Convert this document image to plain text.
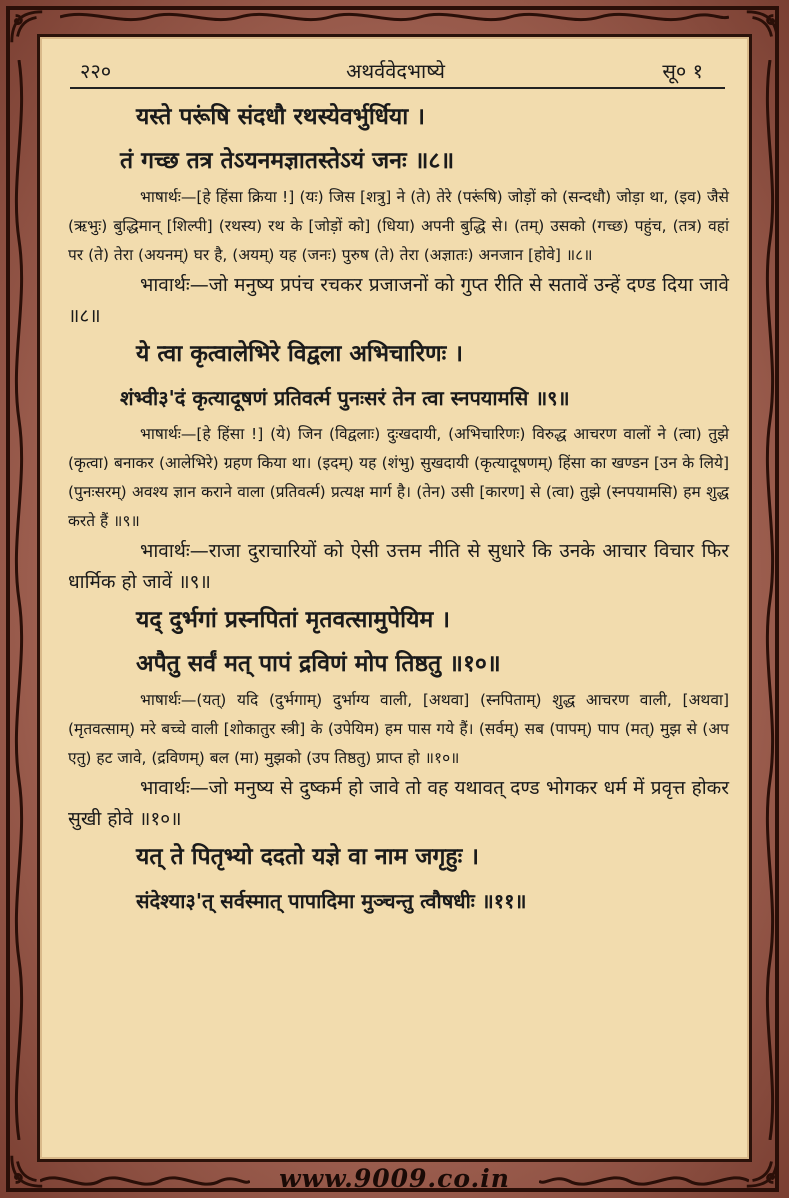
२२०	अथर्ववेदभाष्ये	सू० १

यस्ते परूंषि संदधौ रथस्येवर्भुर्धिया ।

तं गच्छ तत्र तेऽयनमज्ञातस्तेऽयं जनः ॥८॥

भाषार्थः—[हे हिंसा क्रिया !] (यः) जिस [शत्रु] ने (ते) तेरे (परूंषि) जोड़ों को (सन्दधौ) जोड़ा था, (इव) जैसे (ऋभुः) बुद्धिमान् [शिल्पी] (रथस्य) रथ के [जोड़ों को] (धिया) अपनी बुद्धि से। (तम्) उसको (गच्छ) पहुंच, (तत्र) वहां पर (ते) तेरा (अयनम्) घर है, (अयम्) यह (जनः) पुरुष (ते) तेरा (अज्ञातः) अनजान [होवे] ॥८॥

भावार्थः—जो मनुष्य प्रपंच रचकर प्रजाजनों को गुप्त रीति से सतावें उन्हें दण्ड दिया जावे ॥८॥

ये त्वा कृत्वालेभिरे विद्वला अभिचारिणः ।

शंभ्वी३'दं कृत्यादूषणं प्रतिवर्त्म पुनःसरं तेन त्वा स्नपयामसि ॥९॥

भाषार्थः—[हे हिंसा !] (ये) जिन (विद्वलाः) दुःखदायी, (अभिचारिणः) विरुद्ध आचरण वालों ने (त्वा) तुझे (कृत्वा) बनाकर (आलेभिरे) ग्रहण किया था। (इदम्) यह (शंभु) सुखदायी (कृत्यादूषणम्) हिंसा का खण्डन [उन के लिये] (पुनःसरम्) अवश्य ज्ञान कराने वाला (प्रतिवर्त्म) प्रत्यक्ष मार्ग है। (तेन) उसी [कारण] से (त्वा) तुझे (स्नपयामसि) हम शुद्ध करते हैं ॥९॥

भावार्थः—राजा दुराचारियों को ऐसी उत्तम नीति से सुधारे कि उनके आचार विचार फिर धार्मिक हो जावें ॥९॥

यद् दुर्भगां प्रस्नपितां मृतवत्सामुपेयिम ।

अपैतु सर्वं मत् पापं द्रविणं मोप तिष्ठतु ॥१०॥

भाषार्थः—(यत्) यदि (दुर्भगाम्) दुर्भाग्य वाली, [अथवा] (स्नपिताम्) शुद्ध आचरण वाली, [अथवा] (मृतवत्साम्) मरे बच्चे वाली [शोकातुर स्त्री] के (उपेयिम) हम पास गये हैं। (सर्वम्) सब (पापम्) पाप (मत्) मुझ से (अप एतु) हट जावे, (द्रविणम्) बल (मा) मुझको (उप तिष्ठतु) प्राप्त हो ॥१०॥

भावार्थः—जो मनुष्य से दुष्कर्म हो जावे तो वह यथावत् दण्ड भोगकर धर्म में प्रवृत्त होकर सुखी होवे ॥१०॥

यत् ते पितृभ्यो ददतो यज्ञे वा नाम जगृहुः ।

संदेश्या३'त् सर्वस्मात् पापादिमा मुञ्चन्तु त्वौषधीः ॥११॥

www.9009.co.in
